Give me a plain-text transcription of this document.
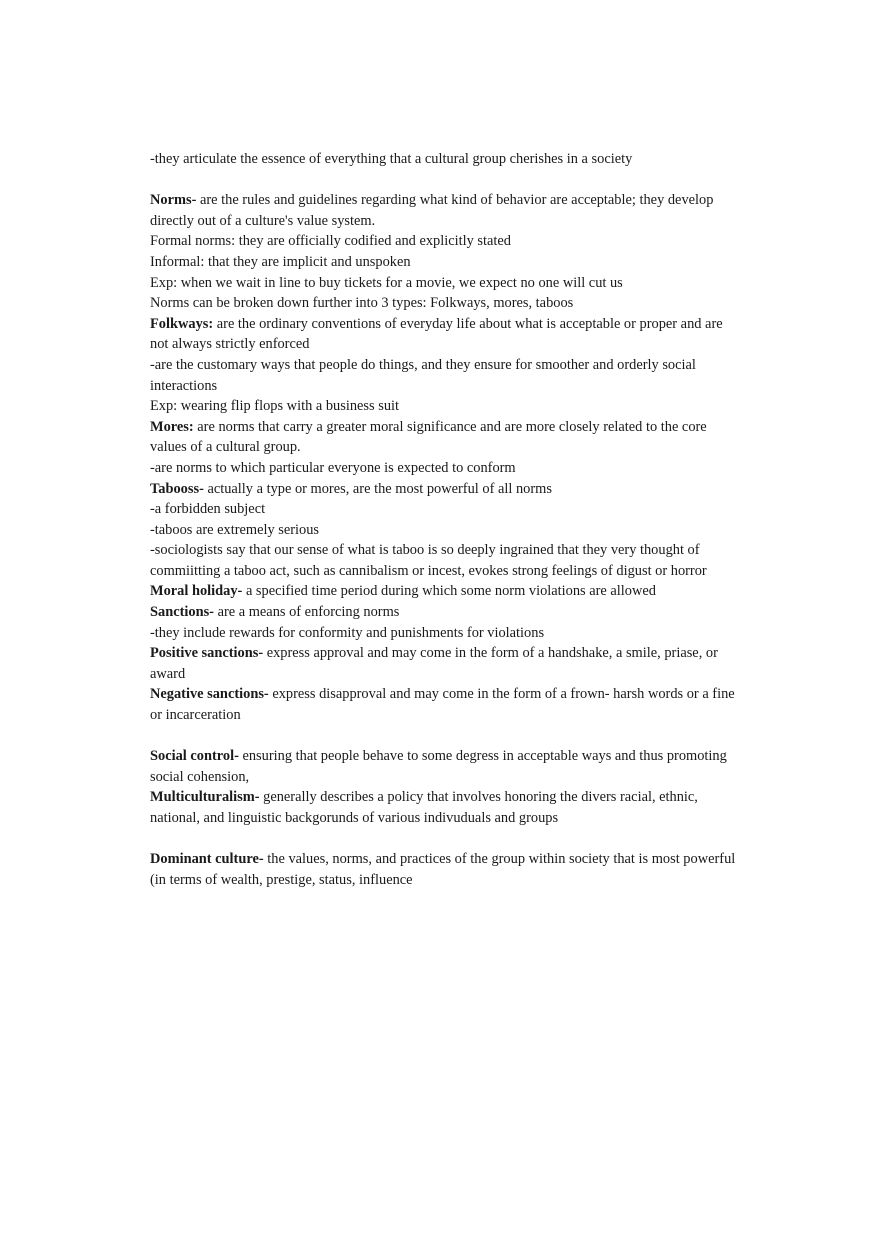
-they articulate the essence of everything that a cultural group cherishes in a society

Norms- are the rules and guidelines regarding what kind of behavior are acceptable; they develop directly out of a culture's value system.

Formal norms: they are officially codified and explicitly stated

Informal: that they are implicit and unspoken

Exp: when we wait in line to buy tickets for a movie, we expect no one will cut us

Norms can be broken down further into 3 types: Folkways, mores, taboos

Folkways: are the ordinary conventions of everyday life about what is acceptable or proper and are not always strictly enforced

-are the customary ways that people do things, and they ensure for smoother and orderly social interactions

Exp: wearing flip flops with a business suit

Mores: are norms that carry a greater moral significance and are more closely related to the core values of a cultural group.

-are norms to which particular everyone is expected to conform

Tabooss- actually a type or mores, are the most powerful of all norms

-a forbidden subject

-taboos are extremely serious

-sociologists say that our sense of what is taboo is so deeply ingrained that they very thought of commiitting a taboo act, such as cannibalism or incest, evokes strong feelings of digust or horror

Moral holiday- a specified time period during which some norm violations are allowed

Sanctions- are a means of enforcing norms

-they include rewards for conformity and punishments for violations

Positive sanctions- express approval and may come in the form of a handshake, a smile, priase, or award

Negative sanctions- express disapproval and may come in the form of a frown- harsh words or a fine or incarceration

Social control- ensuring that people behave to some degress in acceptable ways and thus promoting social cohension,

Multiculturalism- generally describes a policy that involves honoring the divers racial, ethnic, national, and linguistic backgorunds of various indivuduals and groups

Dominant culture- the values, norms, and practices of the group within society that is most powerful (in terms of wealth, prestige, status, influence
